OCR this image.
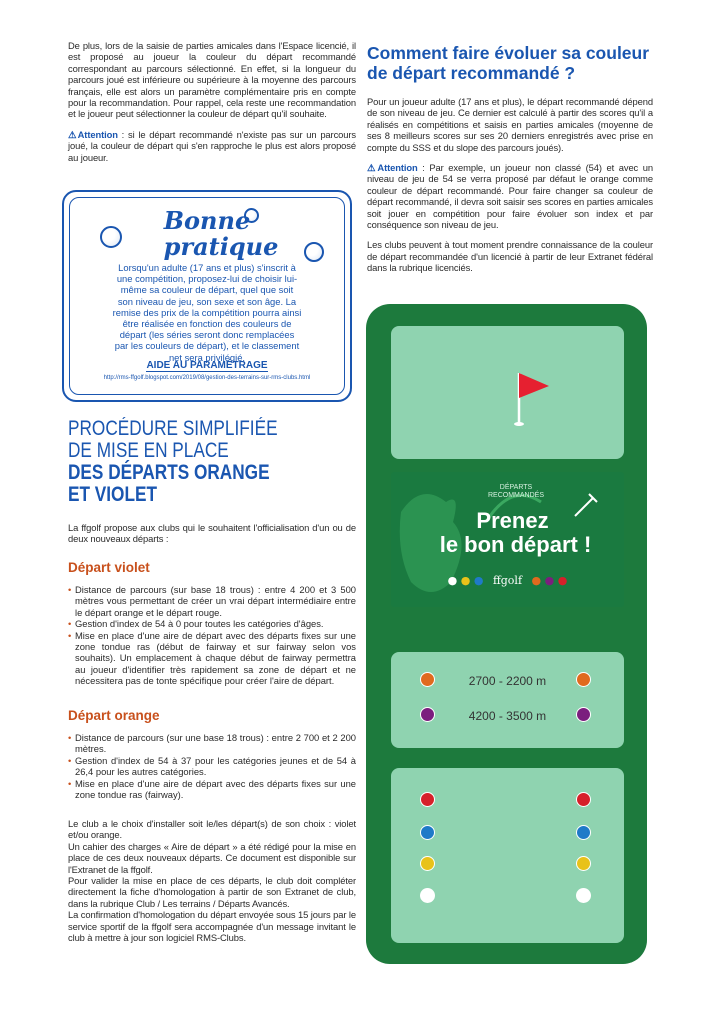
De plus, lors de la saisie de parties amicales dans l'Espace licencié, il est proposé au joueur la couleur du départ recommandé correspondant au parcours sélectionné. En effet, si la longueur du parcours joué est inférieure ou supérieure à la moyenne des parcours français, elle est alors un paramètre complémentaire pris en compte pour la recommandation. Pour rappel, cela reste une recommandation et le joueur peut sélectionner la couleur de départ qu'il souhaite.

⚠Attention : si le départ recommandé n'existe pas sur un parcours joué, la couleur de départ qui s'en rapproche le plus est alors proposé au joueur.

Bonne
pratique
Lorsqu'un adulte (17 ans et plus) s'inscrit à une compétition, proposez-lui de choisir lui-même sa couleur de départ, quel que soit son niveau de jeu, son sexe et son âge. La remise des prix de la compétition pourra ainsi être réalisée en fonction des couleurs de départ (les séries seront donc remplacées par les couleurs de départ), et le classement net sera privilégié.
AIDE AU PARAMÉTRAGE
http://rms-ffgolf.blogspot.com/2019/08/gestion-des-terrains-sur-rms-clubs.html
PROCÉDURE SIMPLIFIÉE
DE MISE EN PLACE
DES DÉPARTS ORANGE
ET VIOLET

La ffgolf propose aux clubs qui le souhaitent l'officialisation d'un ou de deux nouveaux départs :

Départ violet
• Distance de parcours (sur base 18 trous) : entre 4 200 et 3 500 mètres vous permettant de créer un vrai départ intermédiaire entre le départ orange et le départ rouge.
• Gestion d'index de 54 à 0 pour toutes les catégories d'âges.
• Mise en place d'une aire de départ avec des départs fixes sur une zone tondue ras (début de fairway et sur fairway selon vos souhaits). Un emplacement à chaque début de fairway permettra au joueur d'identifier très rapidement sa zone de départ et ne nécessitera pas de tonte spécifique pour créer l'aire de départ.
Départ orange
• Distance de parcours (sur une base 18 trous) : entre 2 700 et 2 200 mètres.
• Gestion d'index de 54 à 37 pour les catégories jeunes et de 54 à 26,4 pour les autres catégories.
• Mise en place d'une aire de départ avec des départs fixes sur une zone tondue ras (fairway).

Le club a le choix d'installer soit le/les départ(s) de son choix : violet et/ou orange.

Un cahier des charges « Aire de départ » a été rédigé pour la mise en place de ces deux nouveaux départs. Ce document est disponible sur l'Extranet de la ffgolf.

Pour valider la mise en place de ces départs, le club doit compléter directement la fiche d'homologation à partir de son Extranet de club, dans la rubrique Club / Les terrains / Départs Avancés.

La confirmation d'homologation du départ envoyée sous 15 jours par le service sportif de la ffgolf sera accompagnée d'un message invitant le club à mettre à jour son logiciel RMS-Clubs.

Comment faire évoluer sa couleur
de départ recommandé ?

Pour un joueur adulte (17 ans et plus), le départ recommandé dépend de son niveau de jeu. Ce dernier est calculé à partir des scores qu'il a réalisés en compétitions et saisis en parties amicales (moyenne de ses 8 meilleurs scores sur ses 20 derniers enregistrés avec prise en compte du SSS et du slope des parcours joués).

⚠Attention : Par exemple, un joueur non classé (54) et avec un niveau de jeu de 54 se verra proposé par défaut le orange comme couleur de départ recommandé. Pour faire changer sa couleur de départ recommandé, il devra soit saisir ses scores en parties amicales soit jouer en compétition pour faire évoluer son index et par conséquence son niveau de jeu.

Les clubs peuvent à tout moment prendre connaissance de la couleur de départ recommandée d'un licencié à partir de leur Extranet fédéral dans la rubrique licenciés.

DÉPARTS
RECOMMANDÉS
Prenez
le bon départ !
● ● ● ffgolf ● ● ●
2700 - 2200 m
4200 - 3500 m
